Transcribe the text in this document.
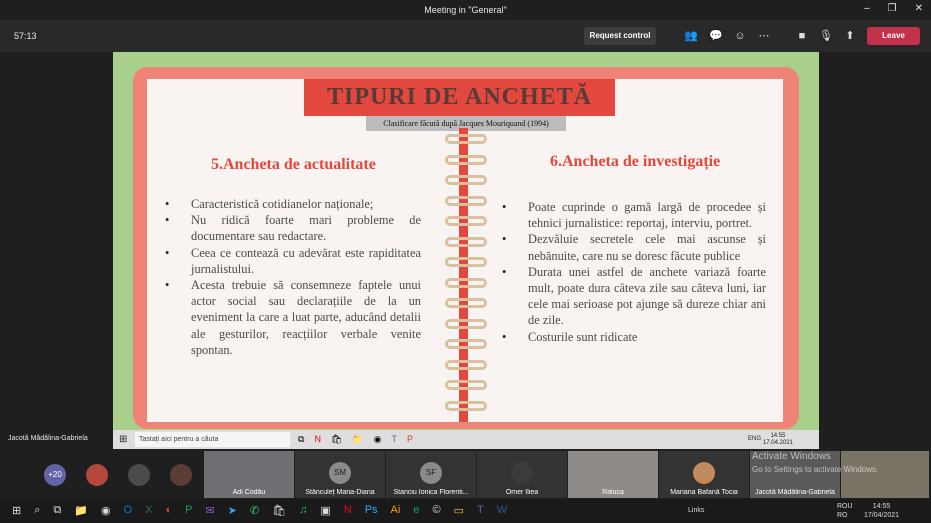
Meeting in "General"	– ❐ ✕
57:13	Request control	👥 💬 ☺ ⋯	■	🎙 ⬆	Leave
TIPURI DE ANCHETĂ
Clasificare făcută după Jacques Mouriquand (1994)
5.Ancheta de actualitate
• Caracteristică cotidianelor naționale;
• Nu ridică foarte mari probleme de documentare sau redactare.
• Ceea ce contează cu adevărat este rapiditatea jurnalistului.
• Acesta trebuie să consemneze faptele unui actor social sau declarațiile de la un eveniment la care a luat parte, aducând detalii ale gesturilor, reacțiilor verbale venite spontan.
6.Ancheta de investigație
• Poate cuprinde o gamă largă de procedee și tehnici jurnalistice: reportaj, interviu, portret.
• Dezvăluie secretele cele mai ascunse și nebănuite, care nu se doresc făcute publice
• Durata unei astfel de anchete variază foarte mult, poate dura câteva zile sau câteva luni, iar cele mai serioase pot ajunge să dureze chiar ani de zile.
• Costurile sunt ridicate
⊞	Tastați aici pentru a căuta	⧉ N 🛍 📁 ◉ T P	ENG	14:55
17.04.2021
Jacotă Mădălina-Gabriela
+20
Adi Codău
SM
Stănculeț Maria-Diana
SF
Stanciu Ionica Florenti...	Omer Iliea	Raluca	Mariana Bafană Tocia	Jacotă Mădălina-Gabriela
Activate Windows
Go to Settings to activate Windows.
⊞ ⌕ ⧉ 📁 ◉ O X ◐ P ✉ ➤ ✆ 🛍 ♫ ▣ N Ps Ai e © ▭ T W	Links
ROU
RO
14:55
17/04/2021
